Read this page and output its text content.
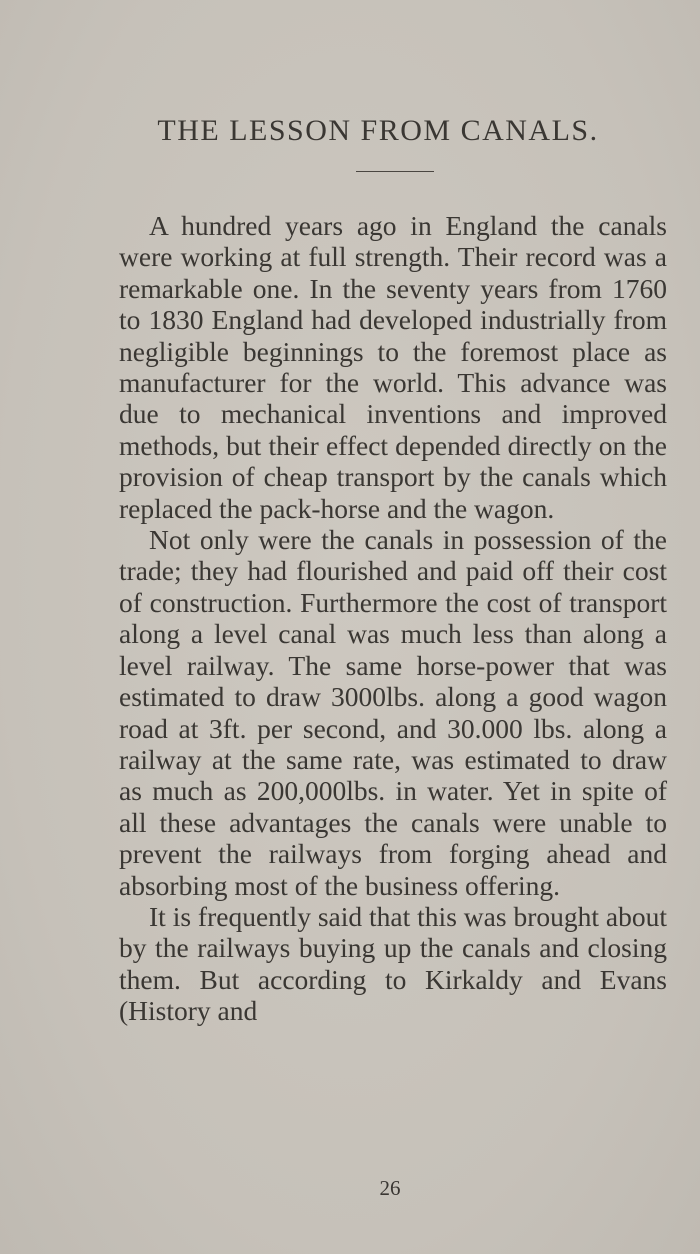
THE LESSON FROM CANALS.

A hundred years ago in England the canals were working at full strength. Their record was a remarkable one. In the seventy years from 1760 to 1830 England had developed industrially from negligible beginnings to the foremost place as manufacturer for the world. This advance was due to mechanical inventions and improved methods, but their effect depended directly on the provision of cheap transport by the canals which replaced the pack-horse and the wagon.

Not only were the canals in possession of the trade; they had flourished and paid off their cost of construction. Furthermore the cost of transport along a level canal was much less than along a level railway. The same horse-power that was estimated to draw 3000lbs. along a good wagon road at 3ft. per second, and 30.000 lbs. along a railway at the same rate, was estimated to draw as much as 200,000lbs. in water. Yet in spite of all these advantages the canals were unable to prevent the railways from forging ahead and absorbing most of the business offering.

It is frequently said that this was brought about by the railways buying up the canals and closing them. But according to Kirkaldy and Evans (History and

26
